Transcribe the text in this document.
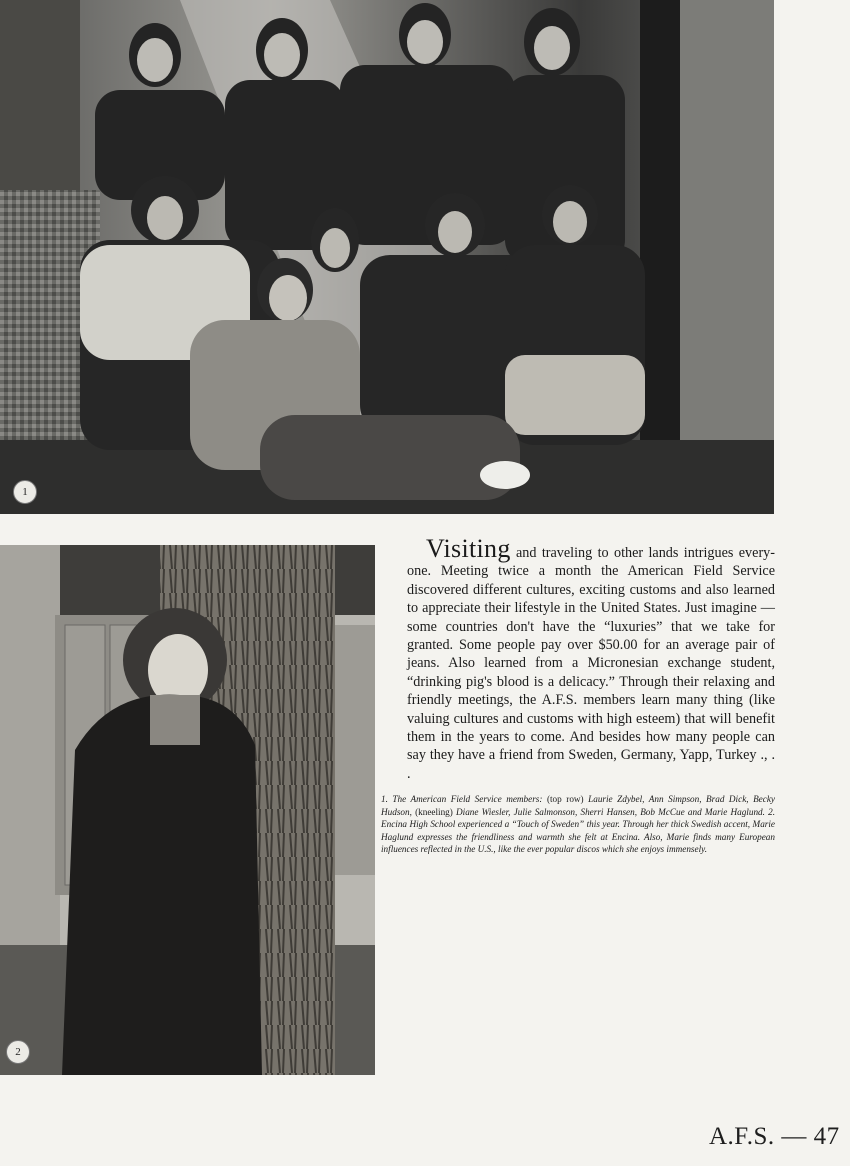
1
2
Visiting and traveling to other lands intrigues every-one. Meeting twice a month the American Field Service discovered different cultures, exciting customs and also learned to appreciate their lifestyle in the United States. Just imagine — some countries don't have the “luxuries” that we take for granted. Some people pay over $50.00 for an average pair of jeans. Also learned from a Micronesian exchange student, “drinking pig's blood is a delicacy.” Through their relaxing and friendly meetings, the A.F.S. members learn many thing (like valuing cultures and customs with high esteem) that will benefit them in the years to come. And besides how many people can say they have a friend from Sweden, Germany, Yapp, Turkey ., . .
1. The American Field Service members: (top row) Laurie Zdybel, Ann Simpson, Brad Dick, Becky Hudson, (kneeling) Diane Wiesler, Julie Salmonson, Sherri Hansen, Bob McCue and Marie Haglund. 2. Encina High School experienced a “Touch of Sweden” this year. Through her thick Swedish accent, Marie Haglund expresses the friendliness and warmth she felt at Encina. Also, Marie finds many European influences reflected in the U.S., like the ever popular discos which she enjoys immensely.
A.F.S. — 47
